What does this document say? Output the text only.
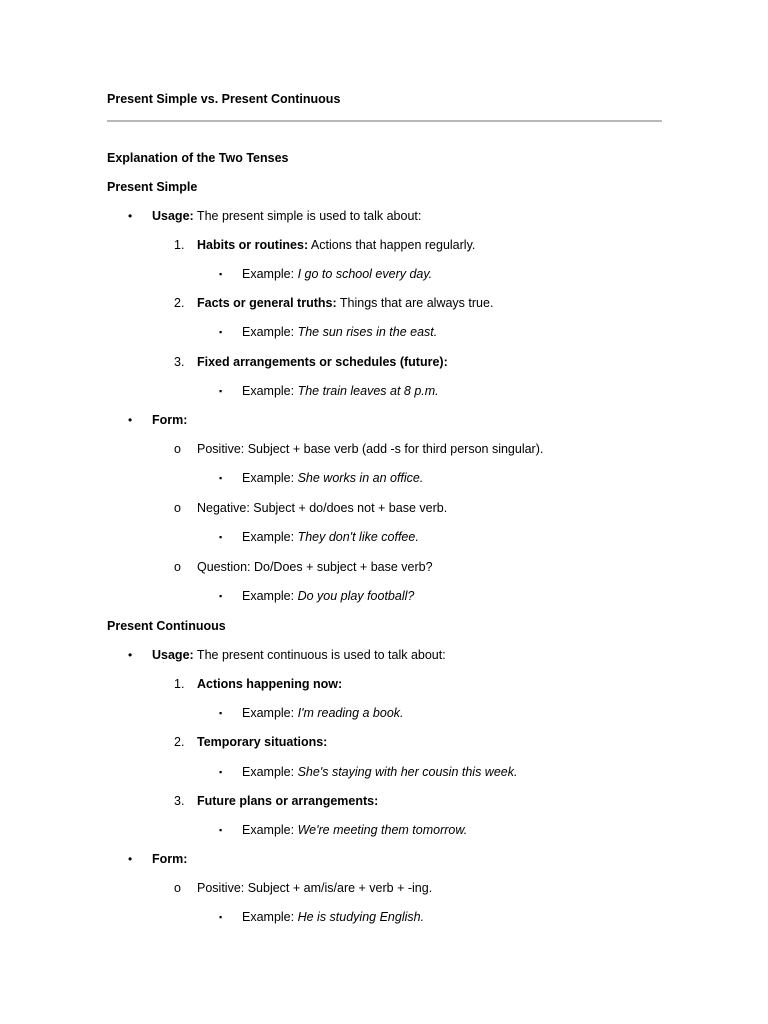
Present Simple vs. Present Continuous
Explanation of the Two Tenses
Present Simple
• Usage: The present simple is used to talk about:
1. Habits or routines: Actions that happen regularly.
▪ Example: I go to school every day.
2. Facts or general truths: Things that are always true.
▪ Example: The sun rises in the east.
3. Fixed arrangements or schedules (future):
▪ Example: The train leaves at 8 p.m.
• Form:
o Positive: Subject + base verb (add -s for third person singular).
▪ Example: She works in an office.
o Negative: Subject + do/does not + base verb.
▪ Example: They don't like coffee.
o Question: Do/Does + subject + base verb?
▪ Example: Do you play football?
Present Continuous
• Usage: The present continuous is used to talk about:
1. Actions happening now:
▪ Example: I'm reading a book.
2. Temporary situations:
▪ Example: She's staying with her cousin this week.
3. Future plans or arrangements:
▪ Example: We're meeting them tomorrow.
• Form:
o Positive: Subject + am/is/are + verb + -ing.
▪ Example: He is studying English.
